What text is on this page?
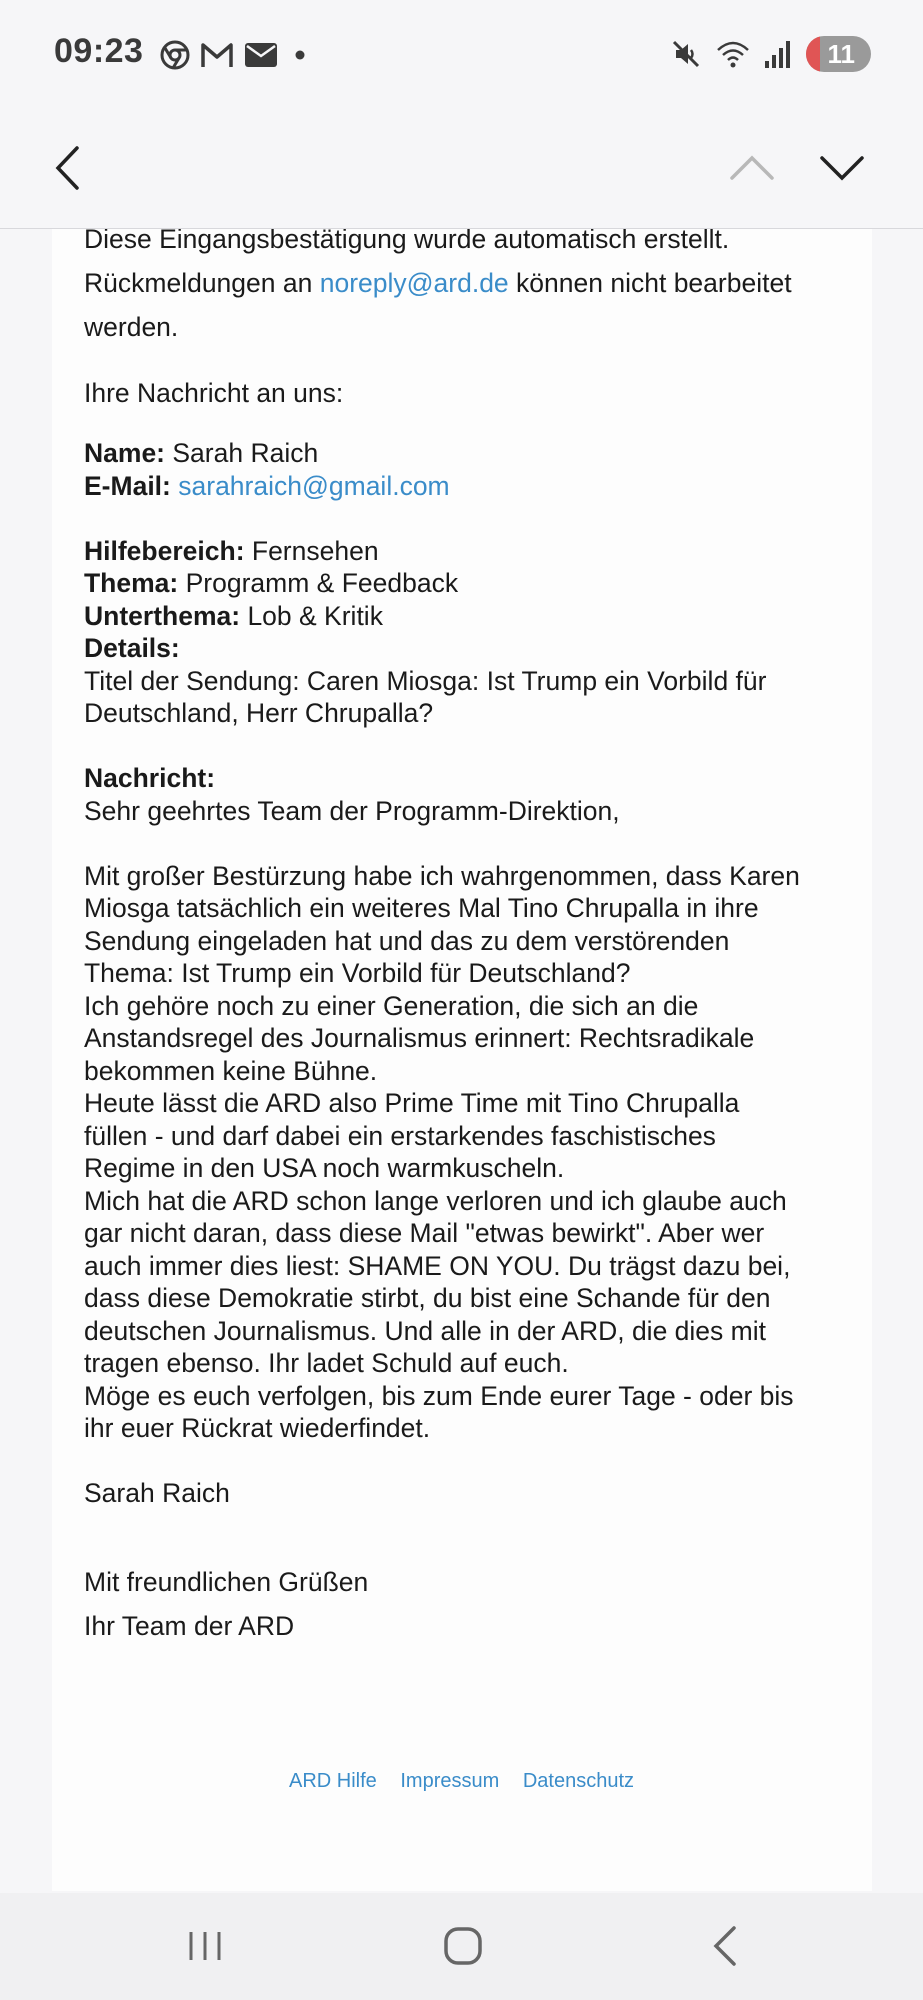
09:23	11

Diese Eingangsbestätigung wurde automatisch erstellt.
Rückmeldungen an noreply@ard.de können nicht bearbeitet
werden.

Ihre Nachricht an uns:

Name: Sarah Raich
E-Mail: sarahraich@gmail.com

Hilfebereich: Fernsehen
Thema: Programm & Feedback
Unterthema: Lob & Kritik
Details:
Titel der Sendung: Caren Miosga: Ist Trump ein Vorbild für
Deutschland, Herr Chrupalla?

Nachricht:
Sehr geehrtes Team der Programm-Direktion,

Mit großer Bestürzung habe ich wahrgenommen, dass Karen
Miosga tatsächlich ein weiteres Mal Tino Chrupalla in ihre
Sendung eingeladen hat und das zu dem verstörenden
Thema: Ist Trump ein Vorbild für Deutschland?
Ich gehöre noch zu einer Generation, die sich an die
Anstandsregel des Journalismus erinnert: Rechtsradikale
bekommen keine Bühne.
Heute lässt die ARD also Prime Time mit Tino Chrupalla
füllen - und darf dabei ein erstarkendes faschistisches
Regime in den USA noch warmkuscheln.
Mich hat die ARD schon lange verloren und ich glaube auch
gar nicht daran, dass diese Mail "etwas bewirkt". Aber wer
auch immer dies liest: SHAME ON YOU. Du trägst dazu bei,
dass diese Demokratie stirbt, du bist eine Schande für den
deutschen Journalismus. Und alle in der ARD, die dies mit
tragen ebenso. Ihr ladet Schuld auf euch.
Möge es euch verfolgen, bis zum Ende eurer Tage - oder bis
ihr euer Rückrat wiederfindet.

Sarah Raich

Mit freundlichen Grüßen
Ihr Team der ARD

ARD Hilfe Impressum Datenschutz
